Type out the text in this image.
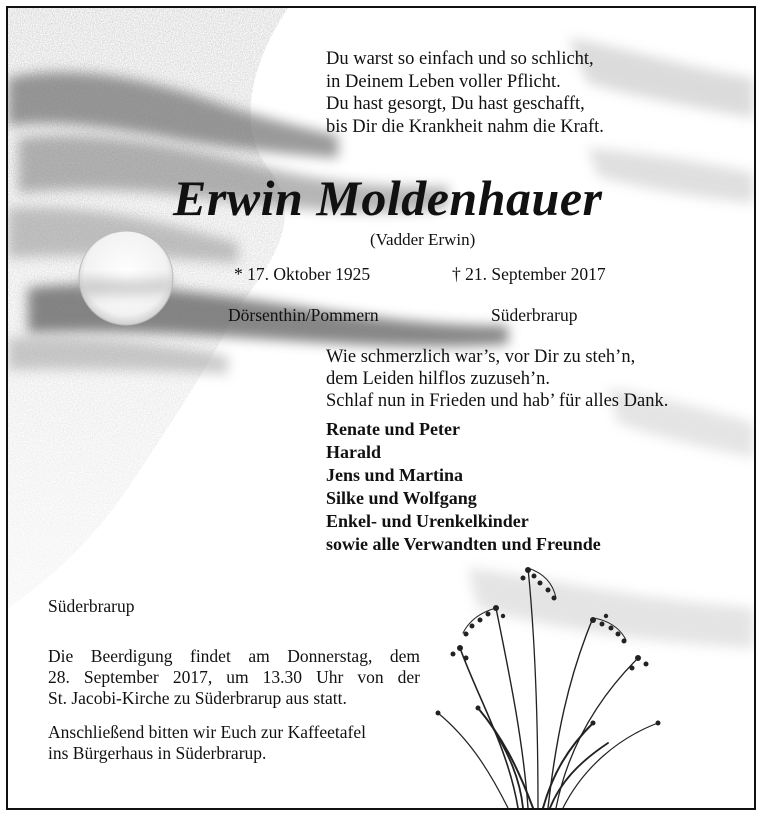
Du warst so einfach und so schlicht,
in Deinem Leben voller Pflicht.
Du hast gesorgt, Du hast geschafft,
bis Dir die Krankheit nahm die Kraft.
Erwin Moldenhauer
(Vadder Erwin)
* 17. Oktober 1925	† 21. September 2017
Dörsenthin/Pommern	Süderbrarup
Wie schmerzlich war’s, vor Dir zu steh’n,
dem Leiden hilflos zuzuseh’n.
Schlaf nun in Frieden und hab’ für alles Dank.
Renate und Peter
Harald
Jens und Martina
Silke und Wolfgang
Enkel- und Urenkelkinder
sowie alle Verwandten und Freunde
Süderbrarup
Die Beerdigung findet am Donnerstag, dem
28. September 2017, um 13.30 Uhr von der
St. Jacobi-Kirche zu Süderbrarup aus statt.
Anschließend bitten wir Euch zur Kaffeetafel
ins Bürgerhaus in Süderbrarup.
